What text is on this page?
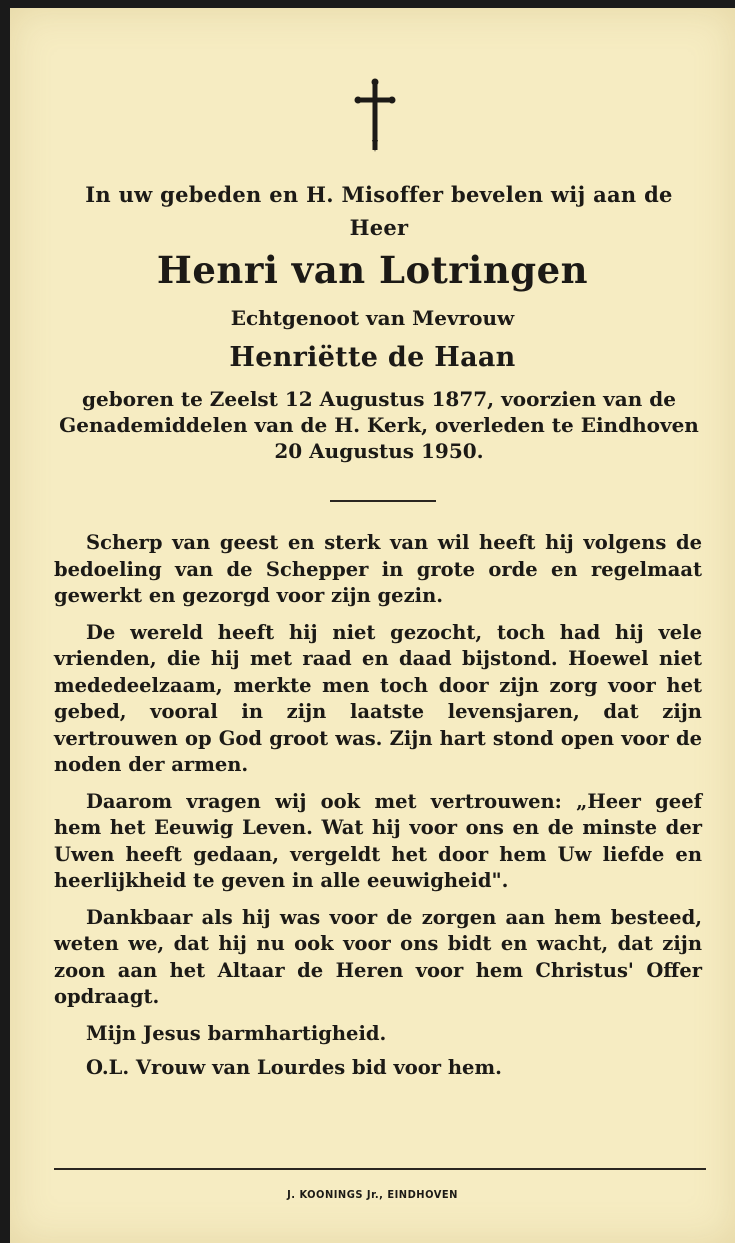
In uw gebeden en H. Misoffer bevelen wij aan de Heer
Henri van Lotringen
Echtgenoot van Mevrouw
Henriëtte de Haan
geboren te Zeelst 12 Augustus 1877, voorzien van de Genademiddelen van de H. Kerk, overleden te Eindhoven 20 Augustus 1950.

Scherp van geest en sterk van wil heeft hij volgens de bedoeling van de Schepper in grote orde en regelmaat gewerkt en gezorgd voor zijn gezin.

De wereld heeft hij niet gezocht, toch had hij vele vrienden, die hij met raad en daad bijstond. Hoewel niet mededeelzaam, merkte men toch door zijn zorg voor het gebed, vooral in zijn laatste levensjaren, dat zijn vertrouwen op God groot was. Zijn hart stond open voor de noden der armen.

Daarom vragen wij ook met vertrouwen: „Heer geef hem het Eeuwig Leven. Wat hij voor ons en de minste der Uwen heeft gedaan, vergeldt het door hem Uw liefde en heerlijkheid te geven in alle eeuwigheid".

Dankbaar als hij was voor de zorgen aan hem besteed, weten we, dat hij nu ook voor ons bidt en wacht, dat zijn zoon aan het Altaar de Heren voor hem Christus' Offer opdraagt.

Mijn Jesus barmhartigheid.

O.L. Vrouw van Lourdes bid voor hem.

J. KOONINGS Jr., EINDHOVEN
